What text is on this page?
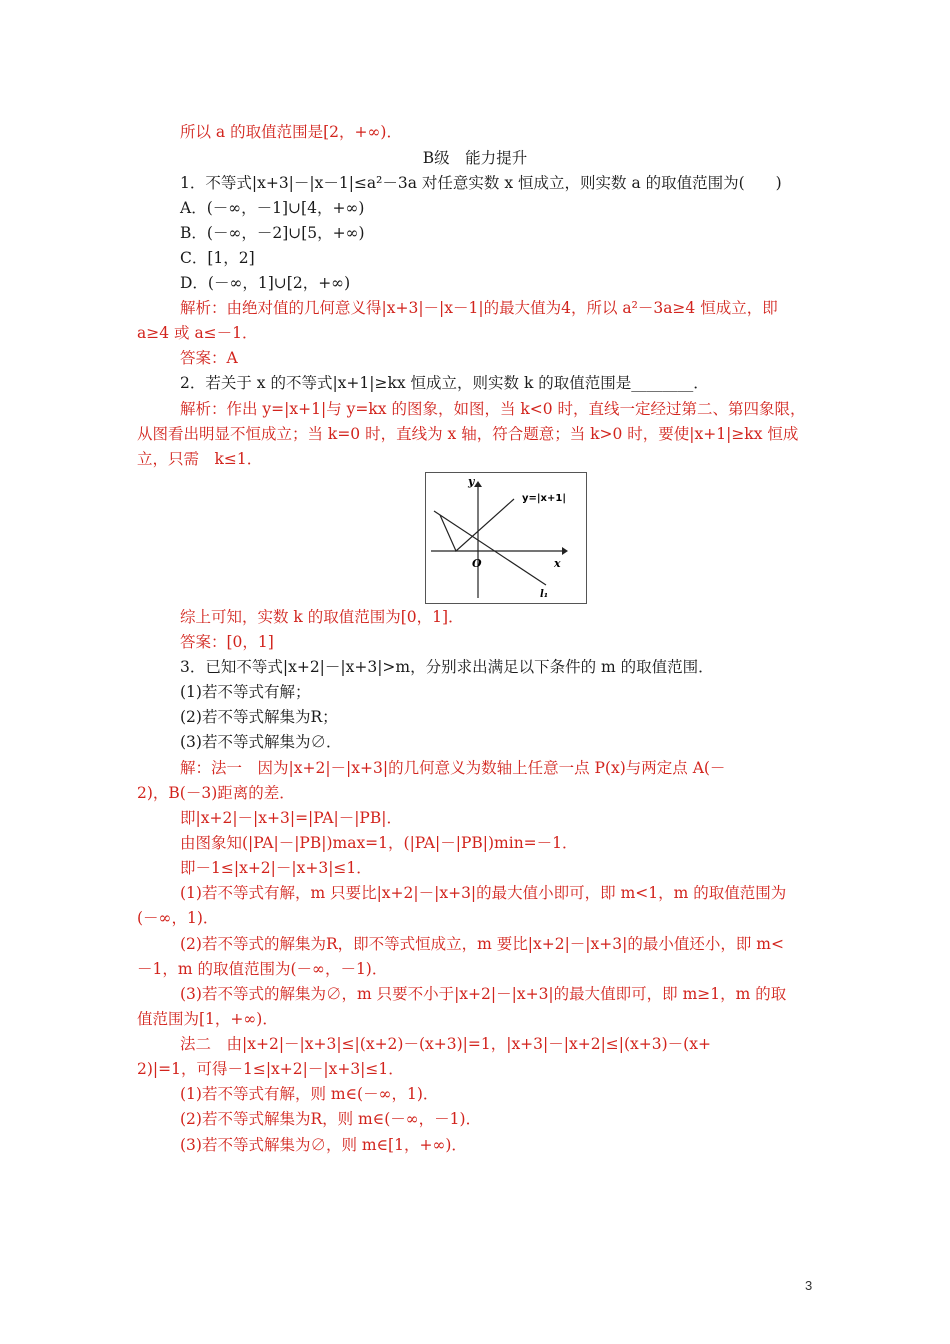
所以 a 的取值范围是[2，+∞)．
B级　能力提升
1．不等式|x+3|－|x－1|≤a²－3a 对任意实数 x 恒成立，则实数 a 的取值范围为(　　)
A．(－∞，－1]∪[4，+∞)
B．(－∞，－2]∪[5，+∞)
C．[1，2]
D．(－∞，1]∪[2，+∞)
解析：由绝对值的几何意义得|x+3|－|x－1|的最大值为4，所以 a²－3a≥4 恒成立，即
a≥4 或 a≤－1．
答案：A
2．若关于 x 的不等式|x+1|≥kx 恒成立，则实数 k 的取值范围是________．
解析：作出 y=|x+1|与 y=kx 的图象，如图，当 k<0 时，直线一定经过第二、第四象限，
从图看出明显不恒成立；当 k=0 时，直线为 x 轴，符合题意；当 k>0 时，要使|x+1|≥kx 恒成
立，只需　k≤1．
综上可知，实数 k 的取值范围为[0，1]．
答案：[0，1]
3．已知不等式|x+2|－|x+3|>m，分别求出满足以下条件的 m 的取值范围．
(1)若不等式有解；
(2)若不等式解集为R；
(3)若不等式解集为∅．
解：法一　因为|x+2|－|x+3|的几何意义为数轴上任意一点 P(x)与两定点 A(－
2)，B(－3)距离的差．
即|x+2|－|x+3|=|PA|－|PB|．
由图象知(|PA|－|PB|)max=1，(|PA|－|PB|)min=－1．
即－1≤|x+2|－|x+3|≤1．
(1)若不等式有解，m 只要比|x+2|－|x+3|的最大值小即可，即 m<1，m 的取值范围为
(－∞，1)．
(2)若不等式的解集为R，即不等式恒成立，m 要比|x+2|－|x+3|的最小值还小，即 m<
－1，m 的取值范围为(－∞，－1)．
(3)若不等式的解集为∅，m 只要不小于|x+2|－|x+3|的最大值即可，即 m≥1，m 的取
值范围为[1，+∞)．
法二　由|x+2|－|x+3|≤|(x+2)－(x+3)|=1，|x+3|－|x+2|≤|(x+3)－(x+
2)|=1，可得－1≤|x+2|－|x+3|≤1．
(1)若不等式有解，则 m∈(－∞，1)．
(2)若不等式解集为R，则 m∈(－∞，－1)．
(3)若不等式解集为∅，则 m∈[1，+∞)．
y
x
O
y=|x+1|
l₁
3
